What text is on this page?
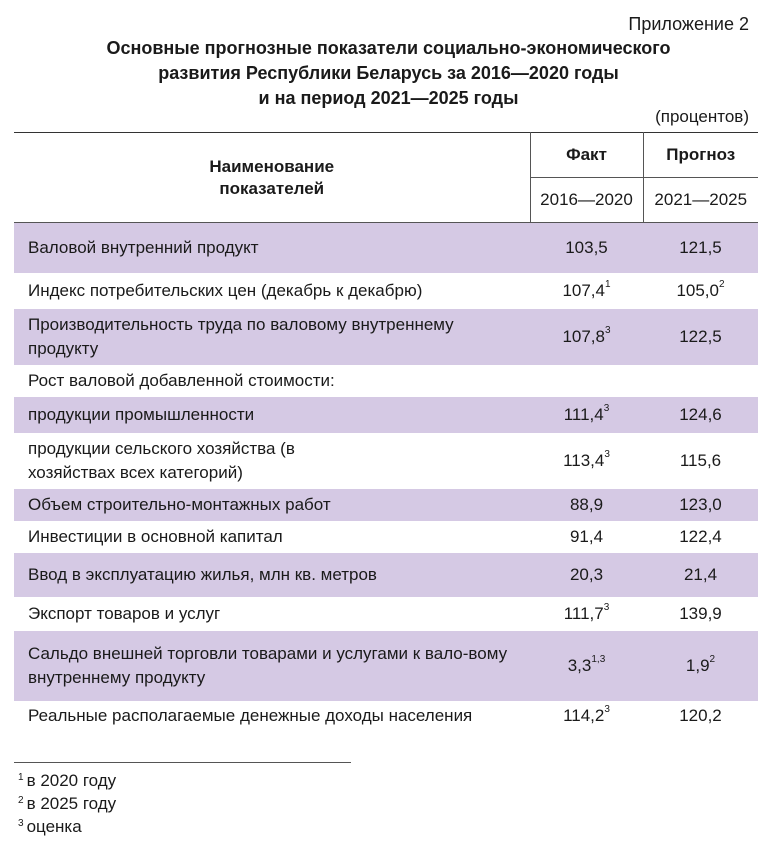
Приложение 2
Основные прогнозные показатели социально-экономического
развития Республики Беларусь за 2016—2020 годы
и на период 2021—2025 годы
(процентов)
Наименование показателей	Факт	Прогноз
	2016—2020	2021—2025
Валовой внутренний продукт	103,5	121,5
Индекс потребительских цен (декабрь к декабрю)	107,4$^1$	105,0$^2$

Производительность труда по валовому внутреннему продукту	107,8$^3$	122,5
Рост валовой добавленной стоимости:		
продукции промышленности	111,4$^3$	124,6

продукции сельского хозяйства (в хозяйствах всех категорий)	113,4$^3$	115,6
Объем строительно-монтажных работ	88,9	123,0
Инвестиции в основной капитал	91,4	122,4
Ввод в эксплуатацию жилья, млн кв. метров	20,3	21,4
Экспорт товаров и услуг	111,7$^3$	139,9

Сальдо внешней торговли товарами и услугами к вало-вому внутреннему продукту	3,3$^{1,3}$	$1,9^2$
Реальные располагаемые денежные доходы населения	114,2$^3$	120,2
$^1$ в 2020 году
$^2$ в 2025 году
$^3$ оценка
